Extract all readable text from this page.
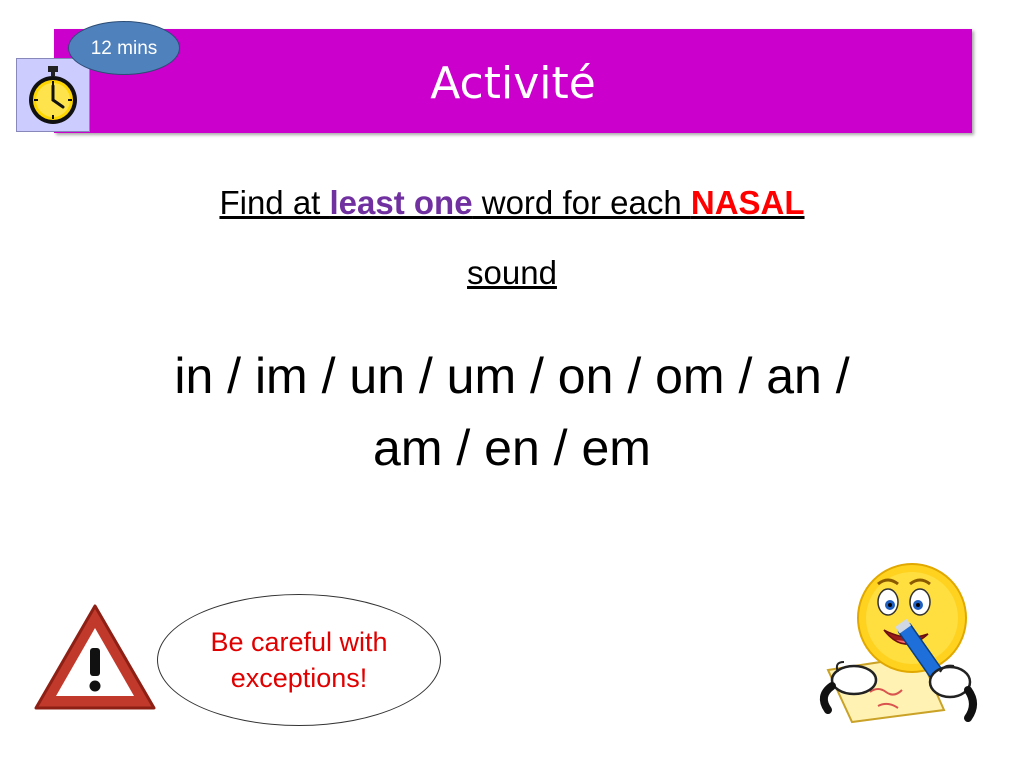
Activité
12 mins
Find at least one word for each NASAL
sound
in / im / un / um / on / om / an /
am / en / em
Be careful with
exceptions!
